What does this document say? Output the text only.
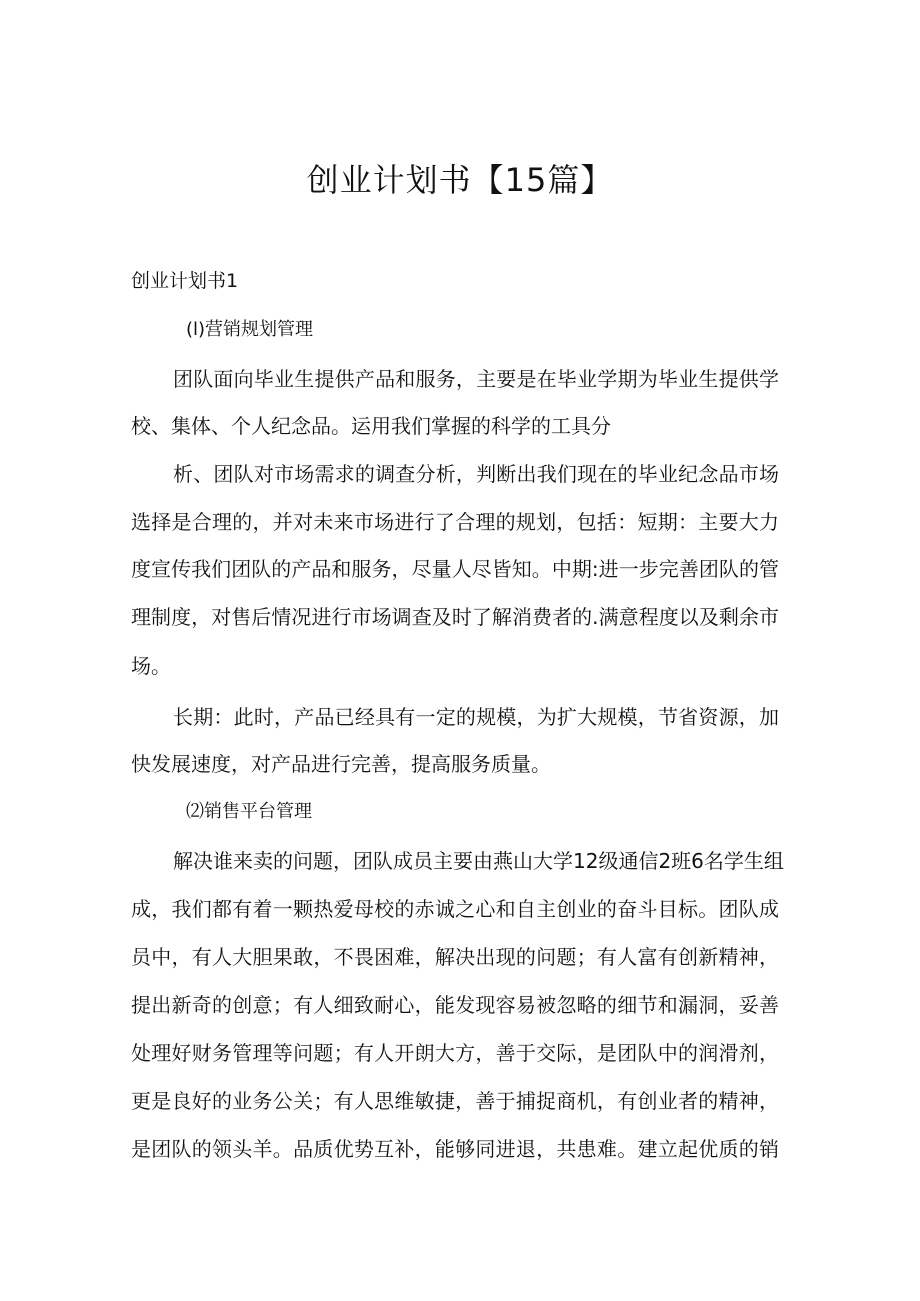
创业计划书【15篇】
创业计划书1
(l)营销规划管理
团队面向毕业生提供产品和服务，主要是在毕业学期为毕业生提供学
校、集体、个人纪念品。运用我们掌握的科学的工具分
析、团队对市场需求的调查分析，判断出我们现在的毕业纪念品市场
选择是合理的，并对未来市场进行了合理的规划，包括：短期：主要大力
度宣传我们团队的产品和服务，尽量人尽皆知。中期:进一步完善团队的管
理制度，对售后情况进行市场调查及时了解消费者的.满意程度以及剩余市
场。
长期：此时，产品已经具有一定的规模，为扩大规模，节省资源，加
快发展速度，对产品进行完善，提高服务质量。
⑵销售平台管理
解决谁来卖的问题，团队成员主要由燕山大学12级通信2班6名学生组
成，我们都有着一颗热爱母校的赤诚之心和自主创业的奋斗目标。团队成
员中，有人大胆果敢，不畏困难，解决出现的问题；有人富有创新精神，
提出新奇的创意；有人细致耐心，能发现容易被忽略的细节和漏洞，妥善
处理好财务管理等问题；有人开朗大方，善于交际，是团队中的润滑剂，
更是良好的业务公关；有人思维敏捷，善于捕捉商机，有创业者的精神，
是团队的领头羊。品质优势互补，能够同进退，共患难。建立起优质的销
